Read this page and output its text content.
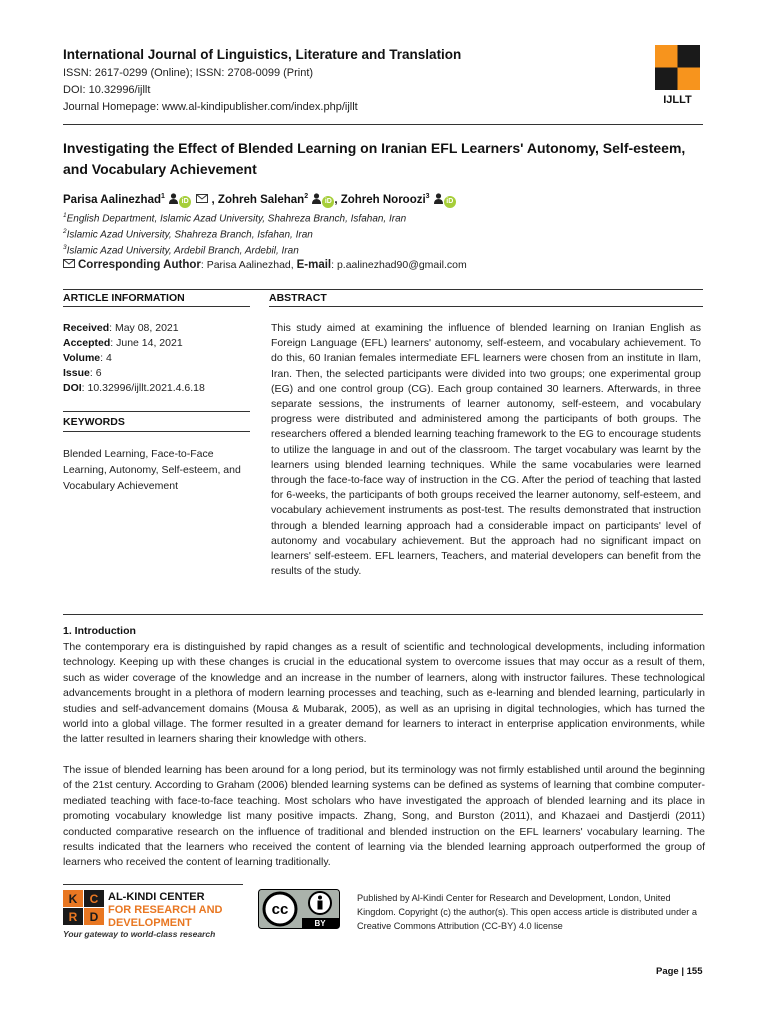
International Journal of Linguistics, Literature and Translation
ISSN: 2617-0299 (Online); ISSN: 2708-0099 (Print)
DOI: 10.32996/ijllt
Journal Homepage: www.al-kindipublisher.com/index.php/ijllt
IJLLT
Investigating the Effect of Blended Learning on Iranian EFL Learners' Autonomy, Self-esteem, and Vocabulary Achievement
Parisa Aalinezhad$^1$ iD , Zohreh Salehan$^2$ iD , Zohreh Noroozi$^3$ iD
$^1$English Department, Islamic Azad University, Shahreza Branch, Isfahan, Iran
$^2$Islamic Azad University, Shahreza Branch, Isfahan, Iran
$^3$Islamic Azad University, Ardebil Branch, Ardebil, Iran
Corresponding Author: Parisa Aalinezhad, E-mail: p.aalinezhad90@gmail.com
ARTICLE INFORMATION	ABSTRACT
Received: May 08, 2021
Accepted: June 14, 2021
Volume: 4
Issue: 6
DOI: 10.32996/ijllt.2021.4.6.18
KEYWORDS
Blended Learning, Face-to-Face Learning, Autonomy, Self-esteem, and Vocabulary Achievement
This study aimed at examining the influence of blended learning on Iranian English as Foreign Language (EFL) learners' autonomy, self-esteem, and vocabulary achievement. To do this, 60 Iranian females intermediate EFL learners were chosen from an institute in Ilam, Iran. Then, the selected participants were divided into two groups; one experimental group (EG) and one control group (CG). Each group contained 30 learners. Afterwards, in three separate sessions, the instruments of learner autonomy, self-esteem, and vocabulary progress were distributed and administered among the participants of both groups. The researchers offered a blended learning teaching framework to the EG to encourage students to utilize the language in and out of the classroom. The target vocabulary was learnt by the learners using blended learning techniques. While the same vocabularies were learned through the face-to-face way of instruction in the CG. After the period of teaching that lasted for 6-weeks, the participants of both groups received the learner autonomy, self-esteem, and vocabulary achievement instruments as post-test. The results demonstrated that instruction through a blended learning approach had a considerable impact on participants' level of autonomy and vocabulary achievement. But the approach had no significant impact on learners' self-esteem. EFL learners, Teachers, and material developers can benefit from the results of the study.
1. Introduction
The contemporary era is distinguished by rapid changes as a result of scientific and technological developments, including information technology. Keeping up with these changes is crucial in the educational system to overcome issues that may occur as a result of them, such as wider coverage of the knowledge and an increase in the number of learners, along with instructor failures. These technological advancements brought in a plethora of modern learning processes and teaching, such as e-learning and blended learning, particularly in studies and self-advancement domains (Mousa & Mubarak, 2005), as well as an uprising in digital technologies, which has turned the world into a global village. The former resulted in a greater demand for learners to interact in enterprise application environments, while the latter resulted in learners sharing their knowledge with others.
The issue of blended learning has been around for a long period, but its terminology was not firmly established until around the beginning of the 21st century. According to Graham (2006) blended learning systems can be defined as systems of learning that combine computer-mediated teaching with face-to-face teaching. Most scholars who have investigated the approach of blended learning and its place in promoting vocabulary knowledge list many positive impacts. Zhang, Song, and Burston (2011), and Khazaei and Dastjerdi (2011) conducted comparative research on the influence of traditional and blended instruction on the EFL learners' vocabulary learning. The results indicated that the learners who received the content of learning via the blended learning approach outperformed the group of learners who received the content of learning traditionally.
K C
R D
AL-KINDI CENTER
FOR RESEARCH AND
DEVELOPMENT
Your gateway to world-class research
cc
BY
Published by Al-Kindi Center for Research and Development, London, United Kingdom. Copyright (c) the author(s). This open access article is distributed under a Creative Commons Attribution (CC-BY) 4.0 license
Page | 155
